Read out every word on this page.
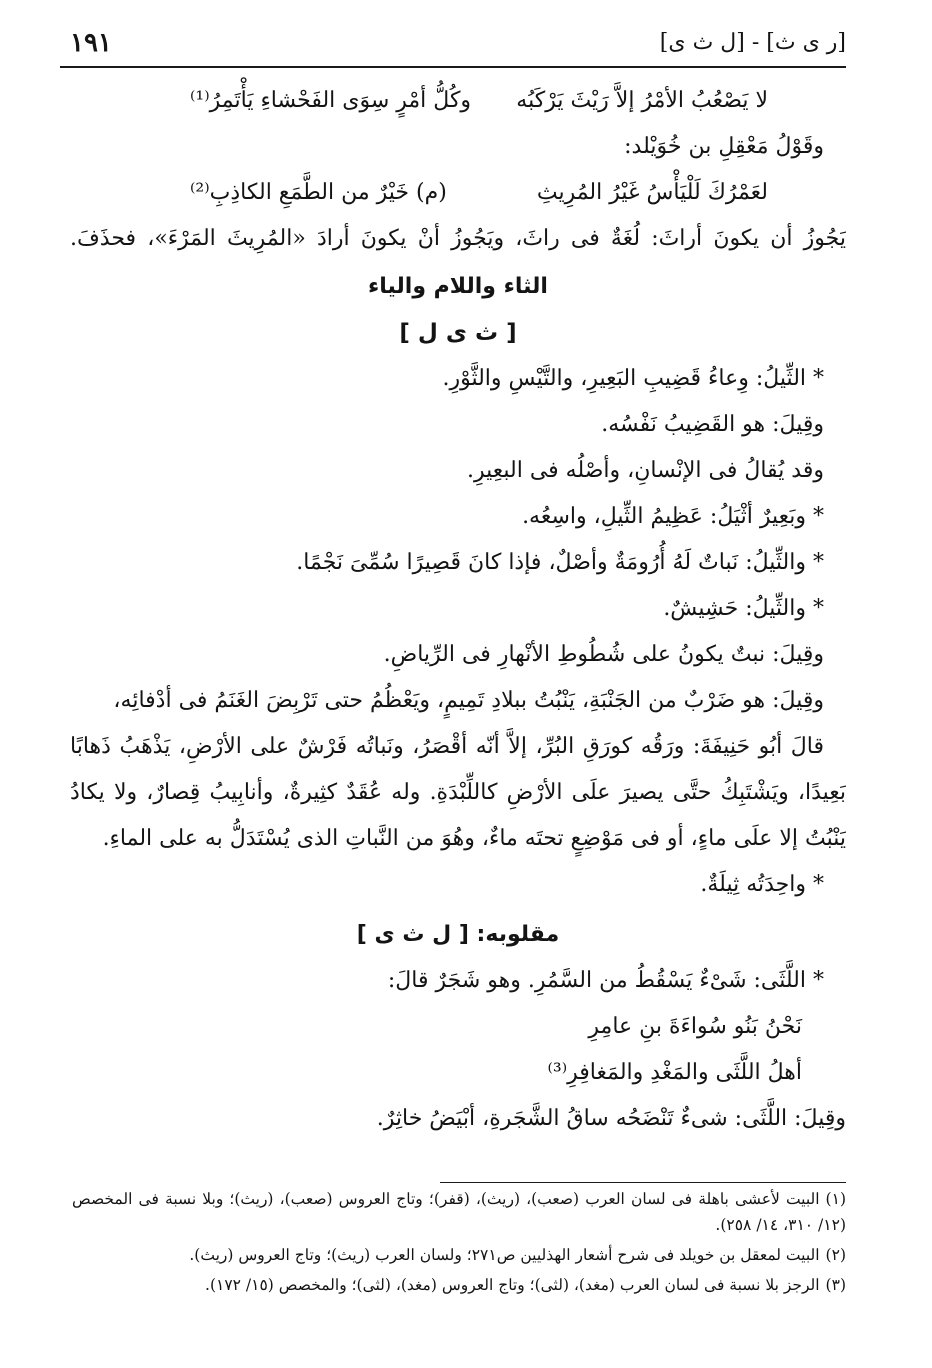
[ر ى ث] - [ل ث ى]
١٩١
لا يَصْعُبُ الأمْرُ إلاَّ رَيْثَ يَرْكَبُه
وكُلُّ أمْرٍ سِوَى الفَحْشاءِ يَأْتَمِرُ⁽¹⁾

وقَوْلُ مَعْقِلِ بن خُوَيْلد:

لعَمْرُكَ لَلْيَأْسُ غَيْرُ المُرِيثِ
(م) خَيْرٌ من الطَّمَعِ الكاذِبِ⁽²⁾

يَجُوزُ أن يكونَ أراثَ: لُغَةٌ فى راثَ، ويَجُوزُ أنْ يكونَ أرادَ «المُرِيثَ المَرْءَ»، فحذَفَ.

الثاء واللام والياء

[ ث ى ل ]

* الثِّيلُ: وِعاءُ قَضِيبِ البَعِيرِ، والتَّيْسِ والثَّوْرِ.

وقِيلَ: هو القَضِيبُ نَفْسُه.

وقد يُقالُ فى الإنْسانِ، وأصْلُه فى البعِيرِ.

* وبَعِيرٌ أثْيَلُ: عَظِيمُ الثِّيلِ، واسِعُه.

* والثِّيلُ: نَباتٌ لَهُ أُرُومَةٌ وأصْلٌ، فإذا كانَ قَصِيرًا سُمِّىَ نَجْمًا.

* والثِّيلُ: حَشِيشٌ.

وقِيلَ: نبتٌ يكونُ على شُطُوطِ الأنْهارِ فى الرِّياضِ.

وقِيلَ: هو ضَرْبٌ من الجَنْبَةِ، يَنْبُتُ ببلادِ تَمِيمٍ، ويَعْظُمُ حتى تَرْبِضَ الغَنَمُ فى أدْفائِه،

قالَ أبُو حَنِيفَةَ: ورَقُه كورَقِ البُرِّ، إلاَّ أنّه أقْصَرُ، ونَباتُه فَرْشٌ على الأرْضِ، يَذْهَبُ ذَهابًا

بَعِيدًا، ويَشْتَبِكُ حتَّى يصيرَ علَى الأرْضِ كاللِّبْدَةِ. وله عُقَدٌ كثِيرةٌ، وأنابِيبُ قِصارٌ، ولا يكادُ

يَنْبُتُ إلا علَى ماءٍ، أو فى مَوْضِعٍ تحتَه ماءٌ، وهُوَ من النَّباتِ الذى يُسْتَدَلُّ به على الماءِ.

* واحِدَتُه ثِيلَةٌ.

مقلوبه: [ ل ث ى ]

* اللَّثَى: شَىْءٌ يَسْقُطُ من السَّمُرِ. وهو شَجَرٌ قالَ:

نَحْنُ بَنُو سُواءَةَ بنِ عامِرِ

أهلُ اللَّثَى والمَغْدِ والمَغافِرِ⁽³⁾

وقِيلَ: اللَّثَى: شىءٌ تَنْضَحُه ساقُ الشَّجَرةِ، أبْيَضُ خاثِرٌ.

(١)البيت لأعشى باهلة فى لسان العرب (صعب)، (ريث)، (قفر)؛ وتاج العروس (صعب)، (ريث)؛ وبلا نسبة فى المخصص (١٢/ ٣١٠، ١٤/ ٢٥٨).

(٢)البيت لمعقل بن خويلد فى شرح أشعار الهذليين ص٢٧١؛ ولسان العرب (ريث)؛ وتاج العروس (ريث).

(٣)الرجز بلا نسبة فى لسان العرب (مغد)، (لثى)؛ وتاج العروس (مغد)، (لثى)؛ والمخصص (١٥/ ١٧٢).
